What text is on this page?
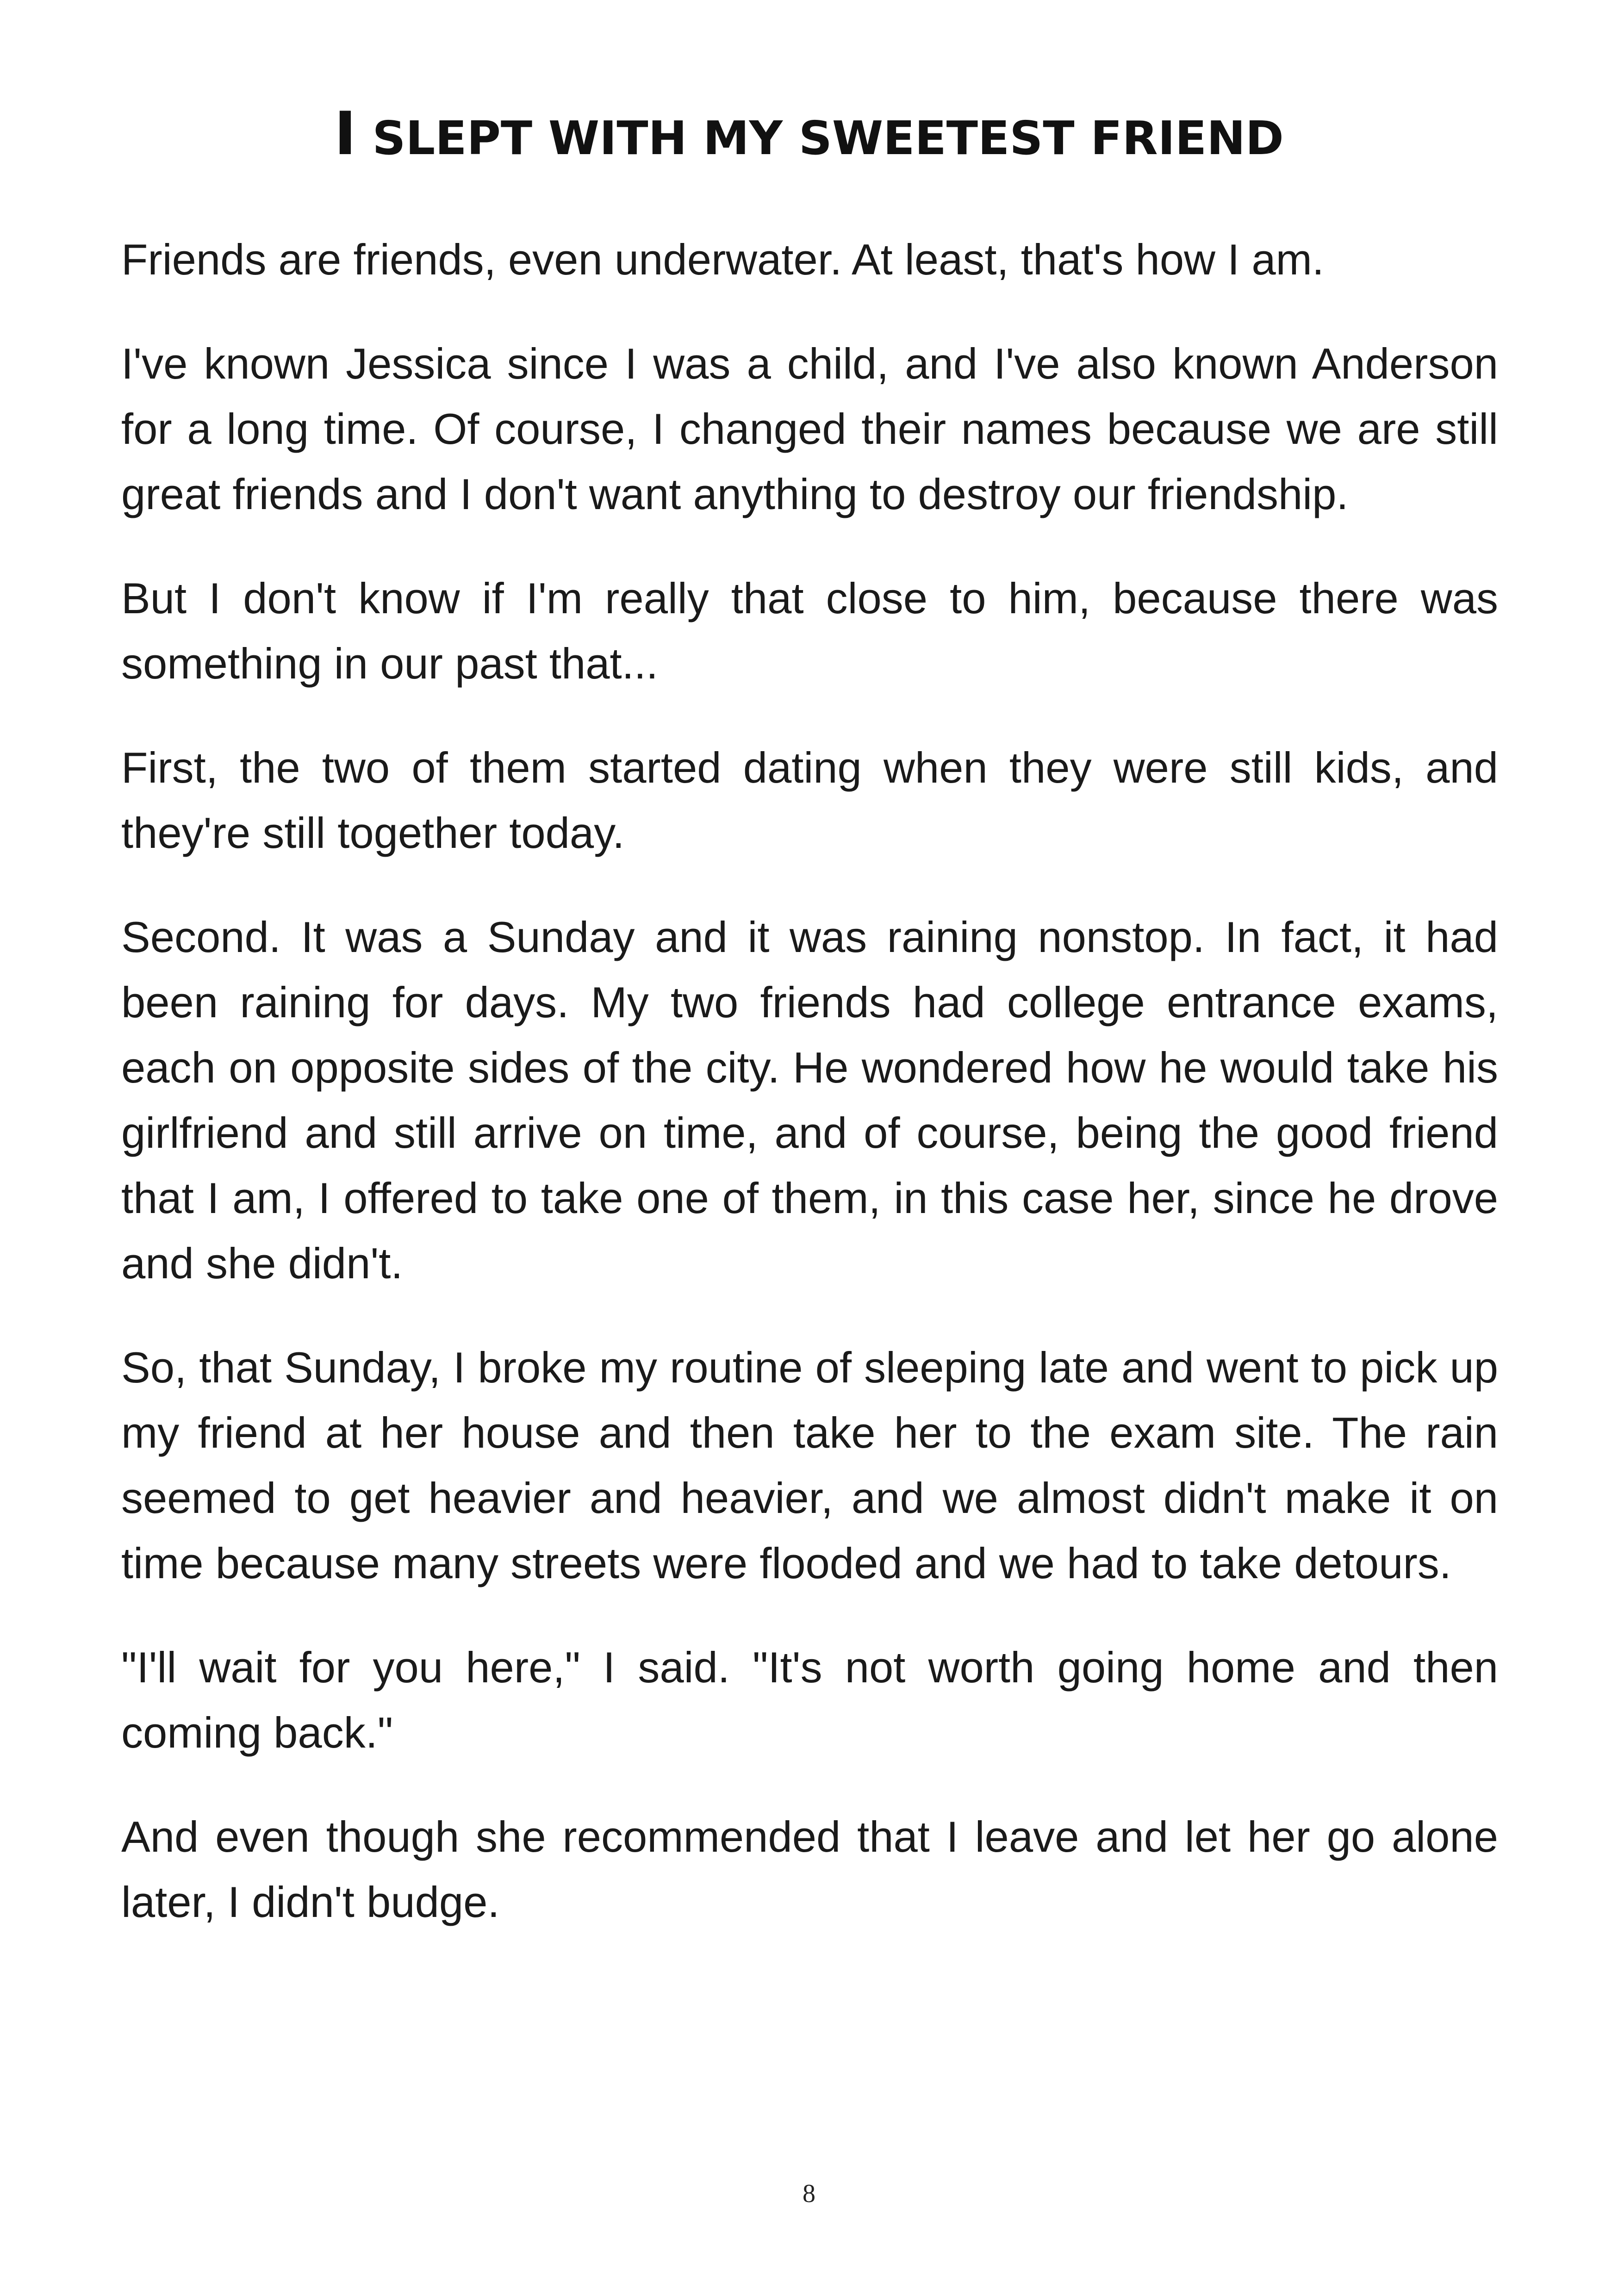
I SLEPT WITH MY SWEETEST FRIEND

Friends are friends, even underwater. At least, that's how I am.

I've known Jessica since I was a child, and I've also known Anderson for a long time. Of course, I changed their names because we are still great friends and I don't want anything to destroy our friendship.

But I don't know if I'm really that close to him, because there was something in our past that...

First, the two of them started dating when they were still kids, and they're still together today.

Second. It was a Sunday and it was raining nonstop. In fact, it had been raining for days. My two friends had college entrance exams, each on opposite sides of the city. He wondered how he would take his girlfriend and still arrive on time, and of course, being the good friend that I am, I offered to take one of them, in this case her, since he drove and she didn't.

So, that Sunday, I broke my routine of sleeping late and went to pick up my friend at her house and then take her to the exam site. The rain seemed to get heavier and heavier, and we almost didn't make it on time because many streets were flooded and we had to take detours.

"I'll wait for you here," I said. "It's not worth going home and then coming back."

And even though she recommended that I leave and let her go alone later, I didn't budge.

8
